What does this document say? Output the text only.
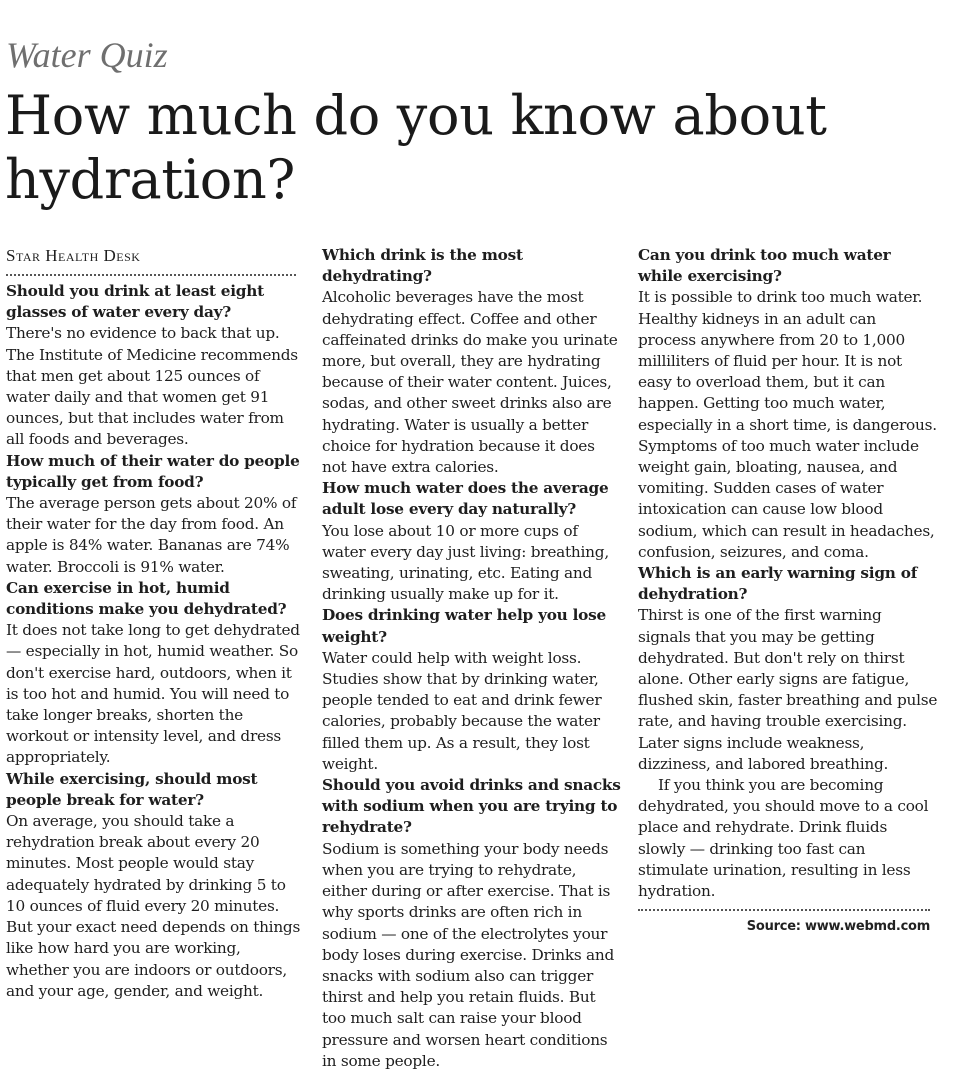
Water Quiz
How much do you know about hydration?

Star Health Desk

Should you drink at least eight glasses of water every day?

There's no evidence to back that up. The Institute of Medicine recommends that men get about 125 ounces of water daily and that women get 91 ounces, but that includes water from all foods and beverages.

How much of their water do people typically get from food?

The average person gets about 20% of their water for the day from food. An apple is 84% water. Bananas are 74% water. Broccoli is 91% water.

Can exercise in hot, humid conditions make you dehydrated?

It does not take long to get dehydrated — especially in hot, humid weather. So don't exercise hard, outdoors, when it is too hot and humid. You will need to take longer breaks, shorten the workout or intensity level, and dress appropriately.

While exercising, should most people break for water?

On average, you should take a rehydration break about every 20 minutes. Most people would stay adequately hydrated by drinking 5 to 10 ounces of fluid every 20 minutes. But your exact need depends on things like how hard you are working, whether you are indoors or outdoors, and your age, gender, and weight.

Which drink is the most dehydrating?

Alcoholic beverages have the most dehydrating effect. Coffee and other caffeinated drinks do make you urinate more, but overall, they are hydrating because of their water content. Juices, sodas, and other sweet drinks also are hydrating. Water is usually a better choice for hydration because it does not have extra calories.

How much water does the average adult lose every day naturally?

You lose about 10 or more cups of water every day just living: breathing, sweating, urinating, etc. Eating and drinking usually make up for it.

Does drinking water help you lose weight?

Water could help with weight loss. Studies show that by drinking water, people tended to eat and drink fewer calories, probably because the water filled them up. As a result, they lost weight.

Should you avoid drinks and snacks with sodium when you are trying to rehydrate?

Sodium is something your body needs when you are trying to rehydrate, either during or after exercise. That is why sports drinks are often rich in sodium — one of the electrolytes your body loses during exercise. Drinks and snacks with sodium also can trigger thirst and help you retain fluids. But too much salt can raise your blood pressure and worsen heart conditions in some people.

Can you drink too much water while exercising?

It is possible to drink too much water. Healthy kidneys in an adult can process anywhere from 20 to 1,000 milliliters of fluid per hour. It is not easy to overload them, but it can happen. Getting too much water, especially in a short time, is dangerous. Symptoms of too much water include weight gain, bloating, nausea, and vomiting. Sudden cases of water intoxication can cause low blood sodium, which can result in headaches, confusion, seizures, and coma.

Which is an early warning sign of dehydration?

Thirst is one of the first warning signals that you may be getting dehydrated. But don't rely on thirst alone. Other early signs are fatigue, flushed skin, faster breathing and pulse rate, and having trouble exercising. Later signs include weakness, dizziness, and labored breathing.

If you think you are becoming dehydrated, you should move to a cool place and rehydrate. Drink fluids slowly — drinking too fast can stimulate urination, resulting in less hydration.

Source: www.webmd.com
